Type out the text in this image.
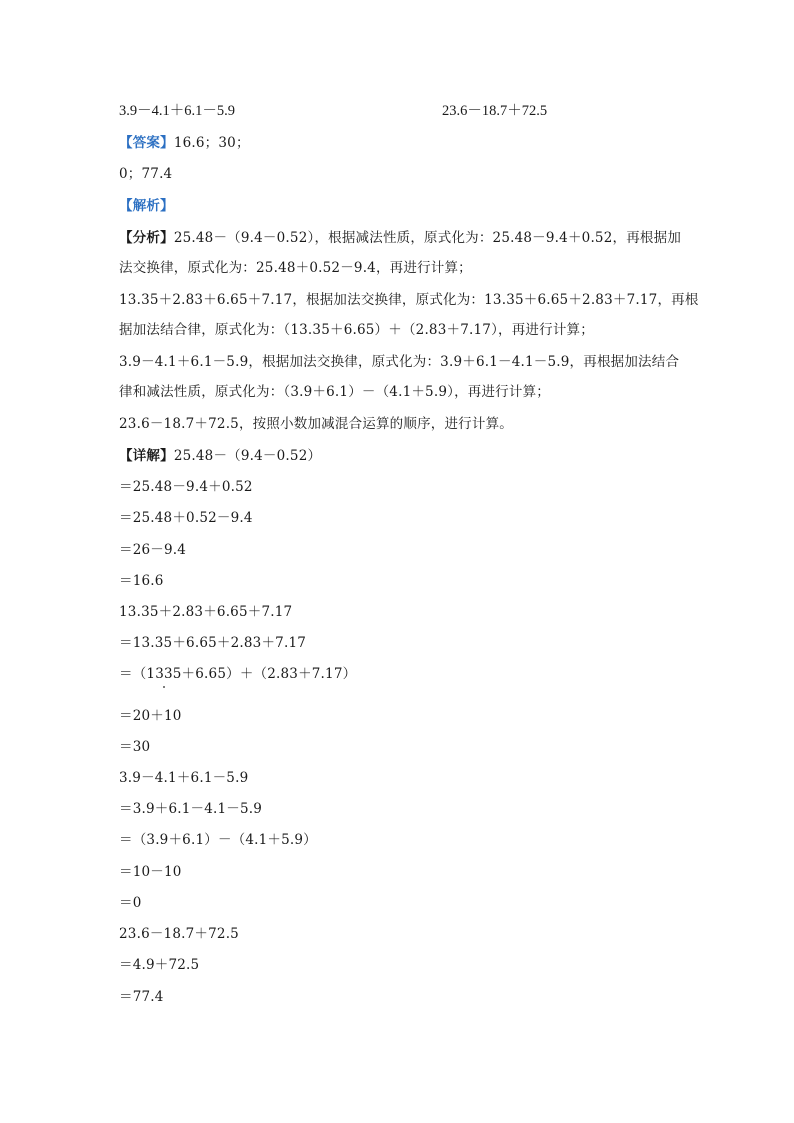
3.9－4.1＋6.1－5.9	23.6－18.7＋72.5
【答案】16.6；30；
0；77.4
【解析】
【分析】25.48－（9.4－0.52），根据减法性质，原式化为：25.48－9.4＋0.52，再根据加
法交换律，原式化为：25.48＋0.52－9.4，再进行计算；
13.35＋2.83＋6.65＋7.17，根据加法交换律，原式化为：13.35＋6.65＋2.83＋7.17，再根
据加法结合律，原式化为：（13.35＋6.65）＋（2.83＋7.17），再进行计算；
3.9－4.1＋6.1－5.9，根据加法交换律，原式化为：3.9＋6.1－4.1－5.9，再根据加法结合
律和减法性质，原式化为：（3.9＋6.1）－（4.1＋5.9），再进行计算；
23.6－18.7＋72.5，按照小数加减混合运算的顺序，进行计算。
【详解】25.48－（9.4－0.52）
＝25.48－9.4＋0.52
＝25.48＋0.52－9.4
＝26－9.4
＝16.6
13.35＋2.83＋6.65＋7.17
＝13.35＋6.65＋2.83＋7.17
＝（1335＋6.65）＋（2.83＋7.17）
＝20＋10
＝30
3.9－4.1＋6.1－5.9
＝3.9＋6.1－4.1－5.9
＝（3.9＋6.1）－（4.1＋5.9）
＝10－10
＝0
23.6－18.7＋72.5
＝4.9＋72.5
＝77.4
